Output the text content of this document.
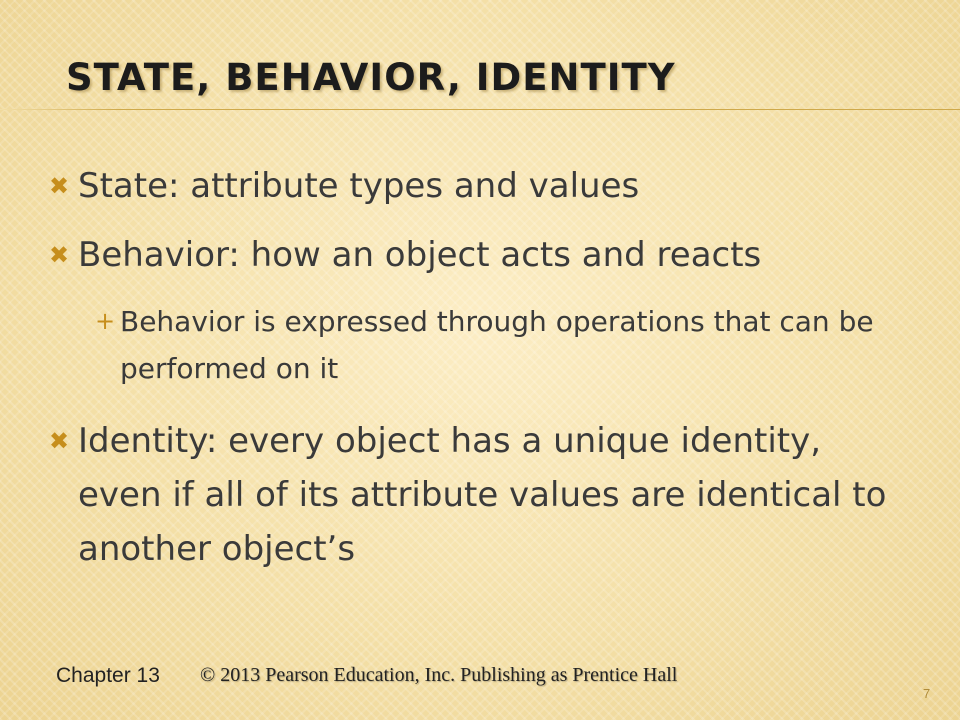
STATE, BEHAVIOR, IDENTITY
✖ State: attribute types and values
✖ Behavior: how an object acts and reacts
+ Behavior is expressed through operations that can be performed on it
✖ Identity: every object has a unique identity, even if all of its attribute values are identical to another object’s
Chapter 13 © 2013 Pearson Education, Inc. Publishing as Prentice Hall
7
